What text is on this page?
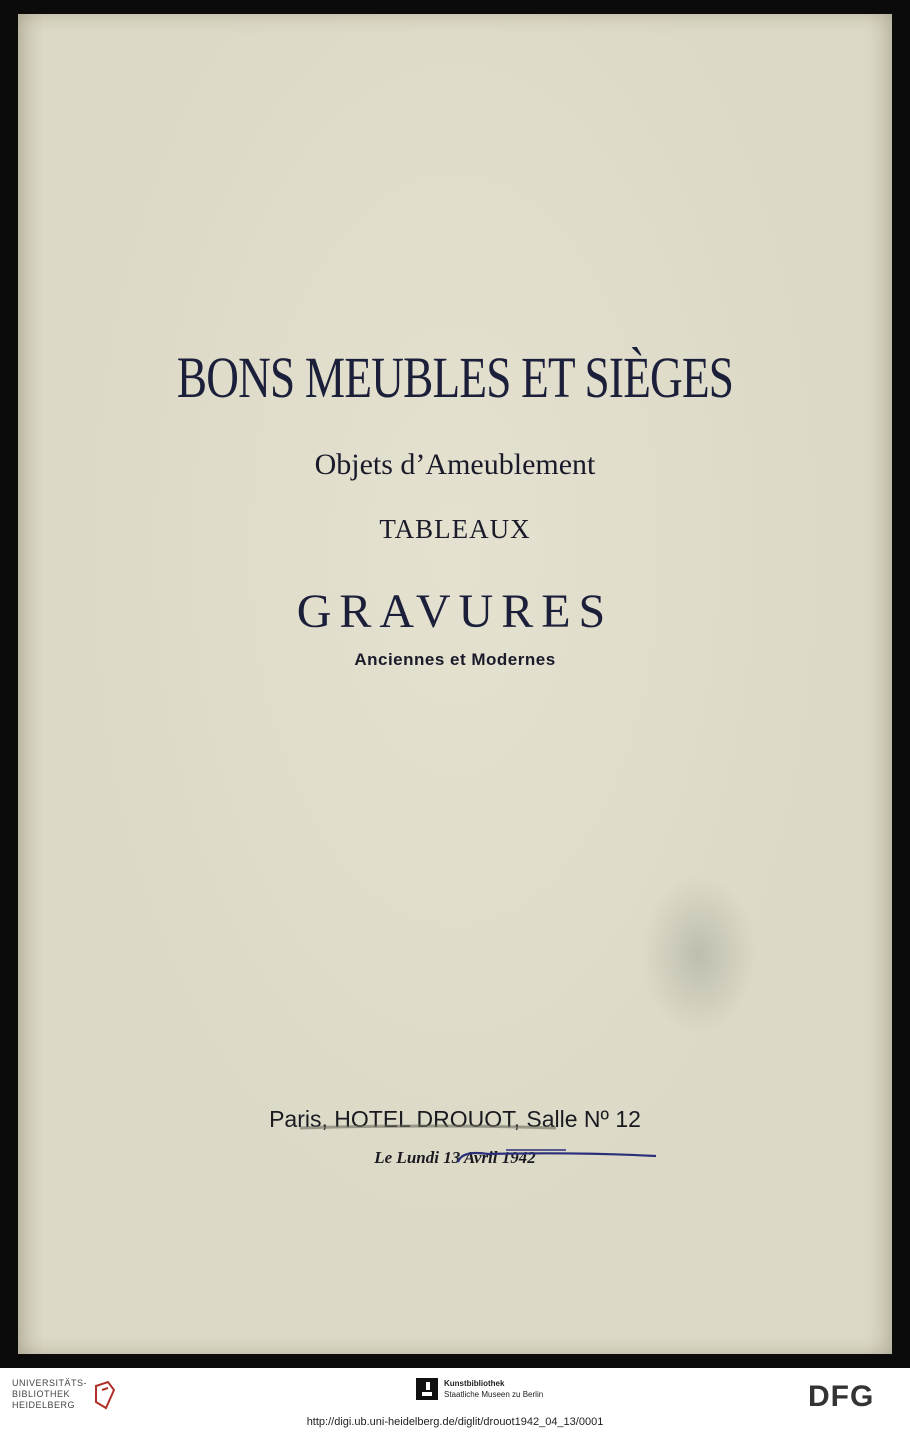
BONS MEUBLES ET SIÈGES
Objets d’Ameublement
TABLEAUX
GRAVURES
Anciennes et Modernes
Paris, HOTEL DROUOT, Salle Nº 12
Le Lundi 13 Avril 1942
UNIVERSITÄTS-
BIBLIOTHEK
HEIDELBERG
Kunstbibliothek
Staatliche Museen zu Berlin	DFG
http://digi.ub.uni-heidelberg.de/diglit/drouot1942_04_13/0001
